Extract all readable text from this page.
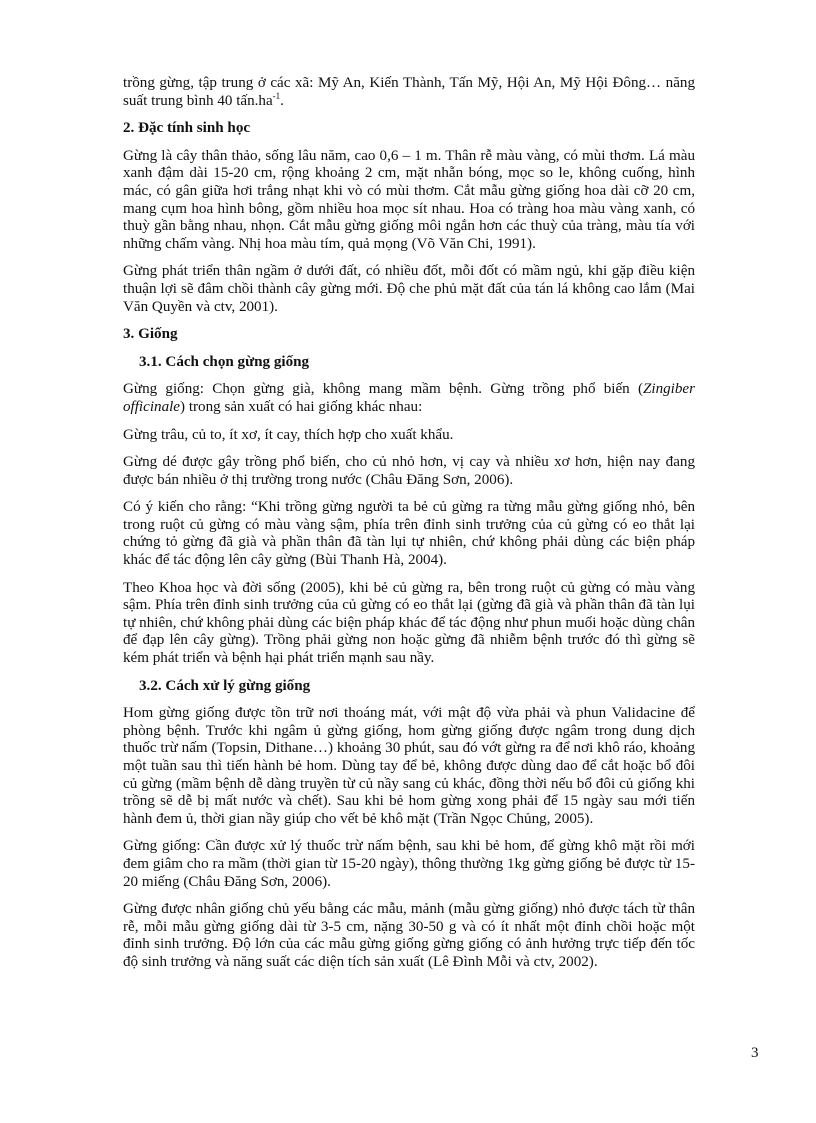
trồng gừng, tập trung ở các xã: Mỹ An, Kiến Thành, Tấn Mỹ, Hội An, Mỹ Hội Đông… năng suất trung bình 40 $tấn.ha^{-1}$.

2. Đặc tính sinh học

Gừng là cây thân thảo, sống lâu năm, cao 0,6 – 1 m. Thân rễ màu vàng, có mùi thơm. Lá màu xanh đậm dài 15-20 cm, rộng khoảng 2 cm, mặt nhẵn bóng, mọc so le, không cuống, hình mác, có gân giữa hơi trắng nhạt khi vò có mùi thơm. Cắt mẫu gừng giống hoa dài cỡ 20 cm, mang cụm hoa hình bông, gồm nhiều hoa mọc sít nhau. Hoa có tràng hoa màu vàng xanh, có thuỳ gần bằng nhau, nhọn. Cắt mẫu gừng giống môi ngắn hơn các thuỳ của tràng, màu tía với những chấm vàng. Nhị hoa màu tím, quả mọng (Võ Văn Chi, 1991).

Gừng phát triển thân ngầm ở dưới đất, có nhiều đốt, mỗi đốt có mầm ngủ, khi gặp điều kiện thuận lợi sẽ đâm chồi thành cây gừng mới. Độ che phủ mặt đất của tán lá không cao lắm (Mai Văn Quyền và ctv, 2001).

3. Giống

3.1. Cách chọn gừng giống

Gừng giống: Chọn gừng già, không mang mầm bệnh. Gừng trồng phổ biến (Zingiber officinale) trong sản xuất có hai giống khác nhau:

Gừng trâu, củ to, ít xơ, ít cay, thích hợp cho xuất khẩu.

Gừng dé được gây trồng phổ biến, cho củ nhỏ hơn, vị cay và nhiều xơ hơn, hiện nay đang được bán nhiều ở thị trường trong nước (Châu Đăng Sơn, 2006).

Có ý kiến cho rằng: “Khi trồng gừng người ta bẻ củ gừng ra từng mẫu gừng giống nhỏ, bên trong ruột củ gừng có màu vàng sậm, phía trên đỉnh sinh trưởng của củ gừng có eo thắt lại chứng tỏ gừng đã già và phần thân đã tàn lụi tự nhiên, chứ không phải dùng các biện pháp khác để tác động lên cây gừng (Bùi Thanh Hà, 2004).

Theo Khoa học và đời sống (2005), khi bẻ củ gừng ra, bên trong ruột củ gừng có màu vàng sậm. Phía trên đỉnh sinh trưởng của củ gừng có eo thắt lại (gừng đã già và phần thân đã tàn lụi tự nhiên, chứ không phải dùng các biện pháp khác để tác động như phun muối hoặc dùng chân để đạp lên cây gừng). Trồng phải gừng non hoặc gừng đã nhiễm bệnh trước đó thì gừng sẽ kém phát triển và bệnh hại phát triển mạnh sau nầy.

3.2. Cách xử lý gừng giống

Hom gừng giống được tồn trữ nơi thoáng mát, với mật độ vừa phải và phun Validacine để phòng bệnh. Trước khi ngâm ủ gừng giống, hom gừng giống được ngâm trong dung dịch thuốc trừ nấm (Topsin, Dithane…) khoảng 30 phút, sau đó vớt gừng ra để nơi khô ráo, khoảng một tuần sau thì tiến hành bẻ hom. Dùng tay để bẻ, không được dùng dao để cắt hoặc bổ đôi củ gừng (mầm bệnh dễ dàng truyền từ củ nầy sang củ khác, đồng thời nếu bổ đôi củ giống khi trồng sẽ dễ bị mất nước và chết). Sau khi bẻ hom gừng xong phải để 15 ngày sau mới tiến hành đem ủ, thời gian nầy giúp cho vết bẻ khô mặt (Trần Ngọc Chủng, 2005).

Gừng giống: Cần được xử lý thuốc trừ nấm bệnh, sau khi bẻ hom, để gừng khô mặt rồi mới đem giâm cho ra mầm (thời gian từ 15-20 ngày), thông thường 1kg gừng giống bẻ được từ 15-20 miếng (Châu Đăng Sơn, 2006).

Gừng được nhân giống chủ yếu bằng các mẫu, mảnh (mẫu gừng giống) nhỏ được tách từ thân rễ, mỗi mẫu gừng giống dài từ 3-5 cm, nặng 30-50 g và có ít nhất một đỉnh chồi hoặc một đỉnh sinh trưởng. Độ lớn của các mẫu gừng giống gừng giống có ảnh hưởng trực tiếp đến tốc độ sinh trưởng và năng suất các diện tích sản xuất (Lê Đình Mỗi và ctv, 2002).

3
